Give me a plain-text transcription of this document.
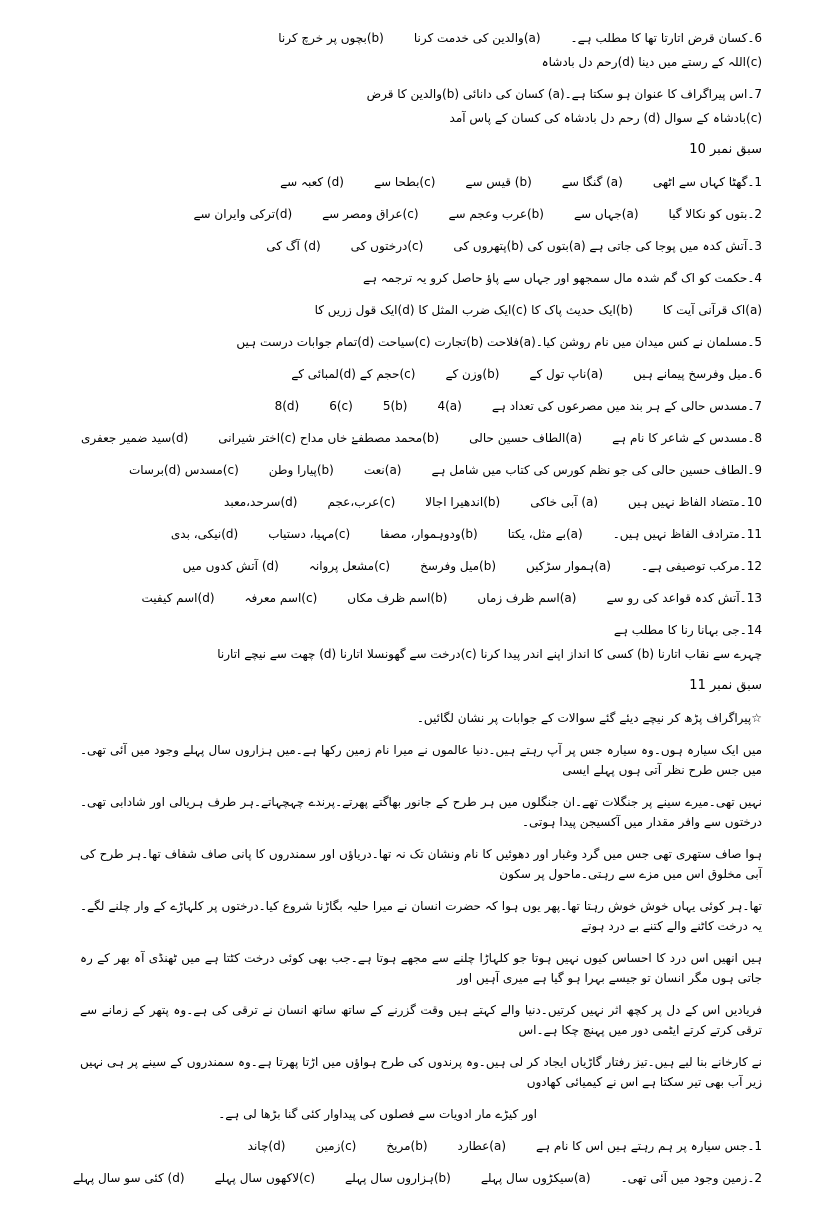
6۔کسان قرض اتارتا تھا کا مطلب ہے۔
(a)والدین کی خدمت کرنا
(b)بچوں پر خرچ کرنا
(c)اللہ کے رستے میں دینا (d)رحم دل بادشاہ
7۔اس پیراگراف کا عنوان ہو سکتا ہے۔(a) کسان کی دانائی (b)والدین کا قرض
(c)بادشاہ کے سوال (d) رحم دل بادشاہ کی کسان کے پاس آمد
سبق نمبر 10
1۔گھٹا کہاں سے اٹھی
(a) گنگا سے
(b) قیس سے
(c)بطحا سے
(d) کعبہ سے
2۔بتوں کو نکالا گیا
(a)جہاں سے
(b)عرب وعجم سے
(c)عراق ومصر سے
(d)ترکی وایران سے
3۔آتش کدہ میں پوجا کی جاتی ہے (a)بتوں کی (b)پتھروں کی
(c)درختوں کی
(d) آگ کی
4۔حکمت کو اک گم شدہ مال سمجھو اور جہاں سے پاؤ حاصل کرو یہ ترجمہ ہے
(a)اک قرآنی آیت کا
(b)ایک حدیث پاک کا (c)ایک ضرب المثل کا (d)ایک قول زریں کا
5۔مسلمان نے کس میدان میں نام روشن کیا۔(a)فلاحت (b)تجارت (c)سیاحت (d)تمام جوابات درست ہیں
6۔میل وفرسخ پیمانے ہیں
(a)ناپ تول کے
(b)وزن کے
(c)حجم کے (d)لمبائی کے
7۔مسدس حالی کے ہر بند میں مصرعوں کی تعداد ہے
4(a)
5(b)
6(c)
8(d)
8۔مسدس کے شاعر کا نام ہے
(a)الطاف حسین حالی
(b)محمد مصطفےٰ خاں مداح (c)اختر شیرانی
(d)سید ضمیر جعفری
9۔الطاف حسین حالی کی جو نظم کورس کی کتاب میں شامل ہے
(a)نعت
(b)پیارا وطن
(c)مسدس (d)برسات
10۔متضاد الفاظ نہیں ہیں
(a) آبی خاکی
(b)اندھیرا اجالا
(c)عرب،عجم
(d)سرحد،معبد
11۔مترادف الفاظ نہیں ہیں۔
(a)بے مثل، یکتا
(b)ودوہموار، مصفا
(c)مہیا، دستیاب
(d)نیکی، بدی
12۔مرکب توصیفی ہے۔
(a)ہموار سڑکیں
(b)میل وفرسخ
(c)مشعل پروانہ
(d) آتش کدوں میں
13۔آتش کدہ قواعد کی رو سے
(a)اسم ظرف زماں
(b)اسم ظرف مکاں
(c)اسم معرفہ
(d)اسم کیفیت
14۔جی بہانا رنا کا مطلب ہے
چہرے سے نقاب اتارنا (b) کسی کا انداز اپنے اندر پیدا کرنا (c)درخت سے گھونسلا اتارنا (d) چھت سے نیچے اتارنا
سبق نمبر 11
☆پیراگراف پڑھ کر نیچے دیئے گئے سوالات کے جوابات پر نشان لگائیں۔
میں ایک سیارہ ہوں۔وہ سیارہ جس پر آپ رہتے ہیں۔دنیا عالموں نے میرا نام زمین رکھا ہے۔میں ہزاروں سال پہلے وجود میں آئی تھی۔میں جس طرح نظر آتی ہوں پہلے ایسی
نہیں تھی۔میرے سینے پر جنگلات تھے۔ان جنگلوں میں ہر طرح کے جانور بھاگتے پھرتے۔پرندے چہچہاتے۔ہر طرف ہریالی اور شادابی تھی۔درختوں سے وافر مقدار میں آکسیجن پیدا ہوتی۔
ہوا صاف ستھری تھی جس میں گرد وغبار اور دھوئیں کا نام ونشان تک نہ تھا۔دریاؤں اور سمندروں کا پانی صاف شفاف تھا۔ہر طرح کی آبی مخلوق اس میں مزے سے رہتی۔ماحول پر سکون
تھا۔ہر کوئی یہاں خوش خوش رہتا تھا۔پھر یوں ہوا کہ حضرت انسان نے میرا حلیہ بگاڑنا شروع کیا۔درختوں پر کلہاڑے کے وار چلنے لگے۔یہ درخت کاٹنے والے کتنے بے درد ہوتے
ہیں انھیں اس درد کا احساس کیوں نہیں ہوتا جو کلہاڑا چلنے سے مجھے ہوتا ہے۔جب بھی کوئی درخت کٹتا ہے میں ٹھنڈی آہ بھر کے رہ جاتی ہوں مگر انسان تو جیسے بہرا ہو گیا ہے میری آہیں اور
فریادیں اس کے دل پر کچھ اثر نہیں کرتیں۔دنیا والے کہتے ہیں وقت گزرنے کے ساتھ ساتھ انسان نے ترقی کی ہے۔وہ پتھر کے زمانے سے ترقی کرتے کرتے ایٹمی دور میں پہنچ چکا ہے۔اس
نے کارخانے بنا لیے ہیں۔تیز رفتار گاڑیاں ایجاد کر لی ہیں۔وہ پرندوں کی طرح ہواؤں میں اڑتا پھرتا ہے۔وہ سمندروں کے سینے پر ہی نہیں زیر آب بھی تیر سکتا ہے اس نے کیمیائی کھادوں
اور کیڑے مار ادویات سے فصلوں کی پیداوار کئی گنا بڑھا لی ہے۔
1۔جس سیارہ پر ہم رہتے ہیں اس کا نام ہے
(a)عطارد
(b)مریخ
(c)زمین
(d)چاند
2۔زمین وجود میں آئی تھی۔
(a)سیکڑوں سال پہلے
(b)ہزاروں سال پہلے
(c)لاکھوں سال پہلے
(d) کئی سو سال پہلے
